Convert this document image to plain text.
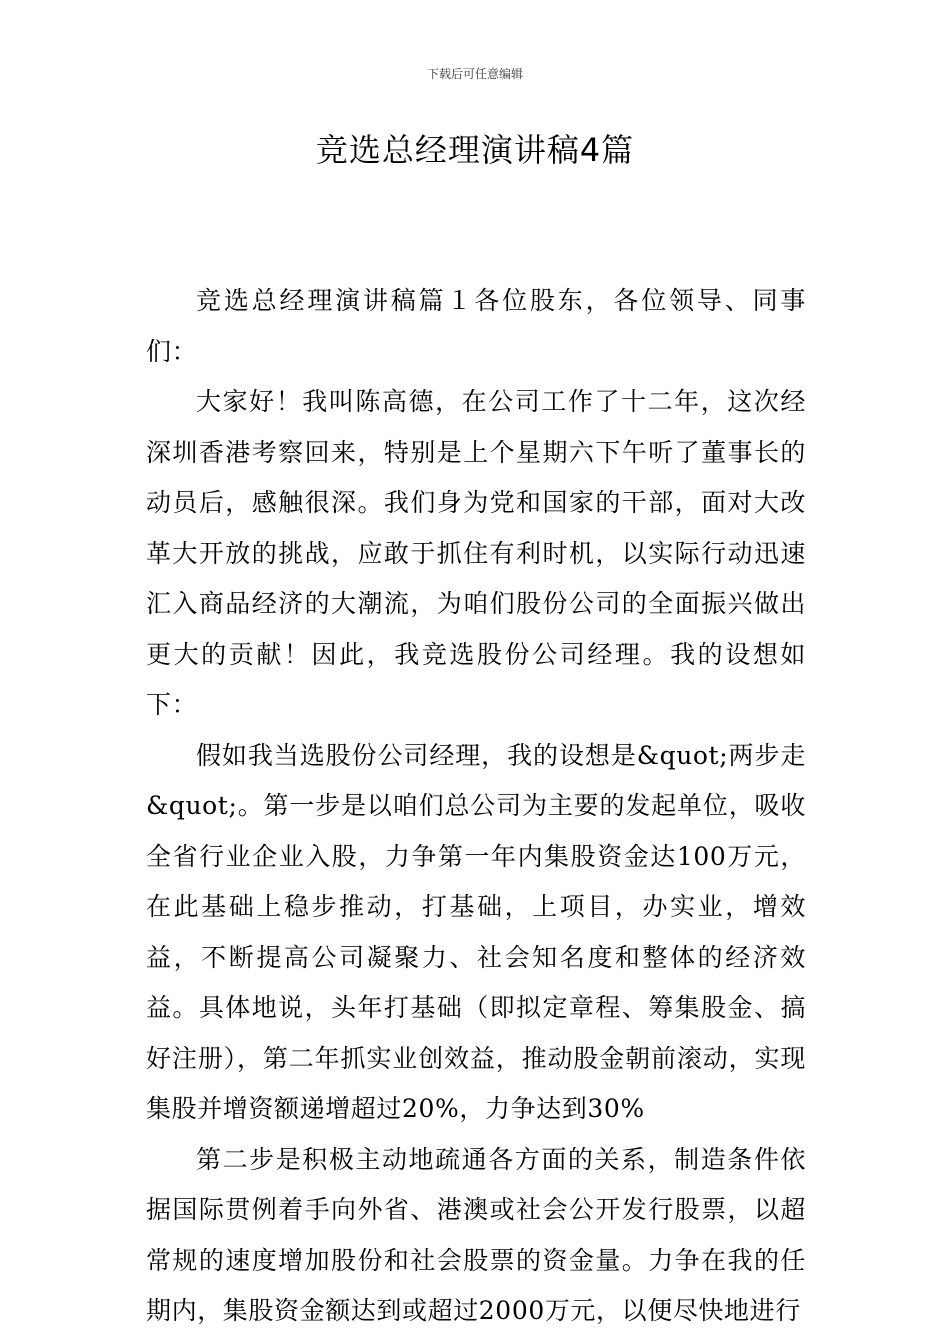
下载后可任意编辑
竞选总经理演讲稿4篇

竞选总经理演讲稿篇１各位股东，各位领导、同事们：

大家好！我叫陈高德，在公司工作了十二年，这次经深圳香港考察回来，特别是上个星期六下午听了董事长的动员后，感触很深。我们身为党和国家的干部，面对大改革大开放的挑战，应敢于抓住有利时机，以实际行动迅速汇入商品经济的大潮流，为咱们股份公司的全面振兴做出更大的贡献！因此，我竞选股份公司经理。我的设想如下：

假如我当选股份公司经理，我的设想是&quot;两步走&quot;。第一步是以咱们总公司为主要的发起单位，吸收全省行业企业入股，力争第一年内集股资金达100万元，在此基础上稳步推动，打基础，上项目，办实业，增效益，不断提高公司凝聚力、社会知名度和整体的经济效益。具体地说，头年打基础（即拟定章程、筹集股金、搞好注册），第二年抓实业创效益，推动股金朝前滚动，实现集股并增资额递增超过20%，力争达到30%

第二步是积极主动地疏通各方面的关系，制造条件依据国际贯例着手向外省、港澳或社会公开发行股票，以超常规的速度增加股份和社会股票的资金量。力争在我的任期内，集股资金额达到或超过2000万元，以便尽快地进行
